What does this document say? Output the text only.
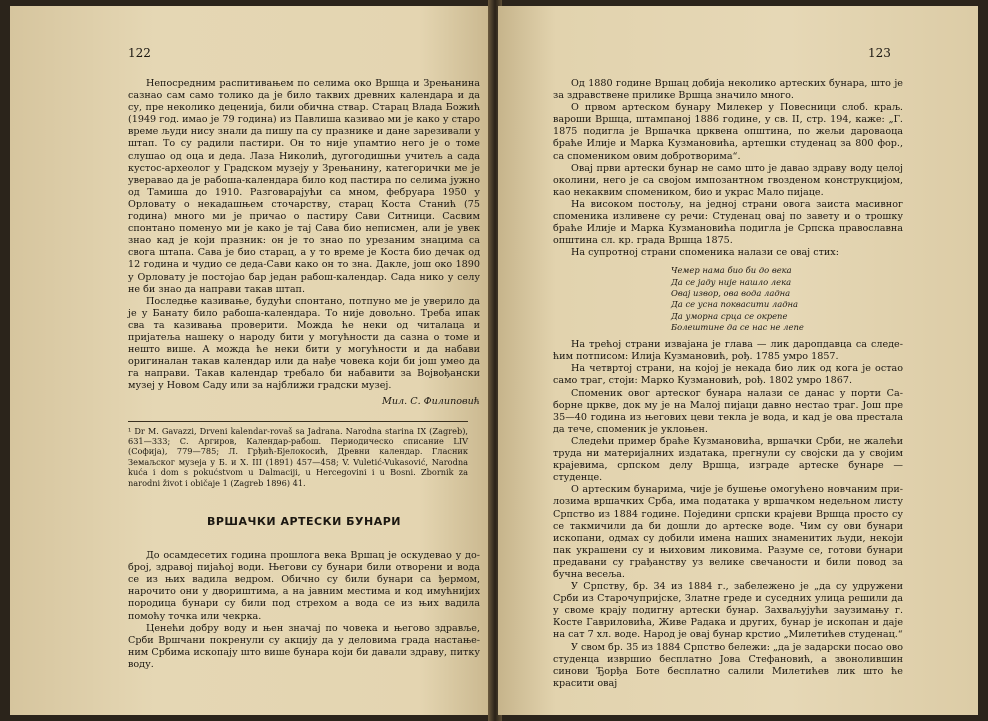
122

Непосредним распитивањем по селима око Вршца и Зрењанина сазнао сам само толико да је било таквих древних календара и да су, пре неколико деценија, били обична ствар. Старац Влада Божић (1949 год. имао је 79 година) из Павлиша казивао ми је како у старо време људи нису знали да пишу па су празнике и дане зарезивали у штап. То су радили пастири. Он то није упамтио него је о томе слушао од оца и деда. Лаза Николић, дугогодишњи учитељ а сада кустос-археолог у Градском музеју у Зрењанину, категорички ме је уверавао да је рабоша-календара било код пастира по селима јужно од Тамиша до 1910. Разговарајући са мном, фебруара 1950 у Орловату о некадашњем сточарству, старац Коста Станић (75 година) много ми је причао о пастиру Сави Ситници. Сасвим спонтано поменуо ми је како је тај Сава био неписмен, али је увек знао кад је који празник: он је то знао по урезаним знацима са свога штапа. Сава је био старац, а у то време је Коста био дечак од 12 година и чудио се деда-Сави како он то зна. Дакле, још око 1890 у Орловату је постојао бар један рабош-календар. Сада нико у селу не би знао да направи такав штап.

Последње казивање, будући спонтано, потпуно ме је уверило да је у Банату било рабоша-календара. То није довољно. Треба ипак сва та казивања проверити. Можда ће неки од читалаца и пријатеља нашеку о народу бити у могућности да сазна о томе и нешто више. А можда ће неки бити у могућности и да набави оригиналан такав календар или да нађе човека који би још умео да га направи. Такав календар требало би набавити за Војвођански музеј у Новом Саду или за најближи градски музеј.

Мил. С. Филиповић
¹ Dr M. Gavazzi, Drveni kalendar-rovaš sa Jadrana. Narodna starina IX (Zagreb), 631—333; С. Аргиров, Календар-рабош. Периодическо списание LIV (Софија), 779—785; Л. Грђић-Бјелокосић, Древни календар. Гласник Земаљског музеја у Б. и Х. III (1891) 457—458; V. Vuletić-Vukasović, Narodna kuća i dom s pokućstvom u Dalmaciji, u Hercegovini i u Bosni. Zbornik za narodni život i običaje 1 (Zagreb 1896) 41.
ВРШАЧКИ АРТЕСКИ БУНАРИ

До осамдесетих година прошлога века Вршац је оскудевао у доброј, здравој пијаћој води. Његови су бунари били отворени и вода се из њих вадила ведром. Обично су били бунари са ђермом, нарочито они у двориштима, а на јавним местима и код имућнијих породица бунари су били под стрехом а вода се из њих вадила помоћу точка или чекрка.

Ценећи добру воду и њен значај по човека и његово здравље, Срби Вршчани покренули су акцију да у деловима града настањеним Србима ископају што више бунара који би давали здраву, питку воду.

123

Од 1880 године Вршац добија неколико артеских бунара, што је за здравствене прилике Вршца значило много.

О првом артеском бунару Милекер у Повесници слоб. краљ. вароши Вршца, штампаној 1886 године, у св. II, стр. 194, каже: „Г. 1875 подигла је Вршачка црквена општина, по жељи дароваоца браће Илије и Марка Кузмановића, артешки студенац за 800 фор., са спомеником овим добротворима“.

Овај први артески бунар не само што је давао здраву воду целој околини, него је са својом импозантном гвозденом конструкцијом, као некаквим спомеником, био и украс Мало пијаце.

На високом постољу, на једној страни овога заиста масивног споменика изливене су речи: Студенац овај по завету и о трошку браће Илије и Марка Кузмановића подигла је Српска православна општина сл. кр. града Вршца 1875.

На супротној страни споменика налази се овај стих:

Чемер нама био би до века
Да се јаду није нашло лека
Овај извор, ова вода ладна
Да се усна поквасити ладна
Да уморна срца се окрепе
Болештине да се нас не лепе

На трећој страни изваjана је глава — лик даропдавца са следећим потписом: Илија Кузмановић, рођ. 1785 умро 1857.

На четвртој страни, на којој је некада био лик од кога је остао само траг, стоји: Марко Кузмановић, рођ. 1802 умро 1867.

Споменик овог артеског бунара налази се данас у порти Саборне цркве, док му је на Малој пијаци давно нестао траг. Још пре 35—40 година из његових цеви текла је вода, и кад је ова престала да тече, споменик је уклоњен.

Следећи пример браће Кузмановића, вршачки Срби, не жалећи труда ни материјалних издатака, прегнули су својски да у својим крајевима, српском делу Вршца, изграде артеске бунаре — студенце.

О артеским бунарима, чије је бушење омогућено новчаним прилозима вршачких Срба, има података у вршачком недељном листу Српство из 1884 године. Поједини српски крајеви Вршца просто су се такмичили да би дошли до артеске воде. Чим су ови бунари ископани, одмах су добили имена наших знаменитих људи, некоји пак украшени су и њиховим ликовима. Разуме се, готови бунари предавани су грађанству уз велике свечаности и били повод за бучна весеља.

У Српству, бр. 34 из 1884 г., забележено је „да су удружени Срби из Старочупријске, Златне греде и суседних улица решили да у своме крају подигну артески бунар. Захваљујући заузимању г. Косте Гавриловића, Живе Радака и других, бунар је ископан и даје на сат 7 хл. воде. Народ је овај бунар крстио „Милетићев студенац.“

У свом бр. 35 из 1884 Српство бележи: „да је задарски посао ово студенца извршио бесплатно Јова Стефановић, а звонолившин синови Ђорђа Боте бесплатно салили Милетићев лик што ће красити овај
